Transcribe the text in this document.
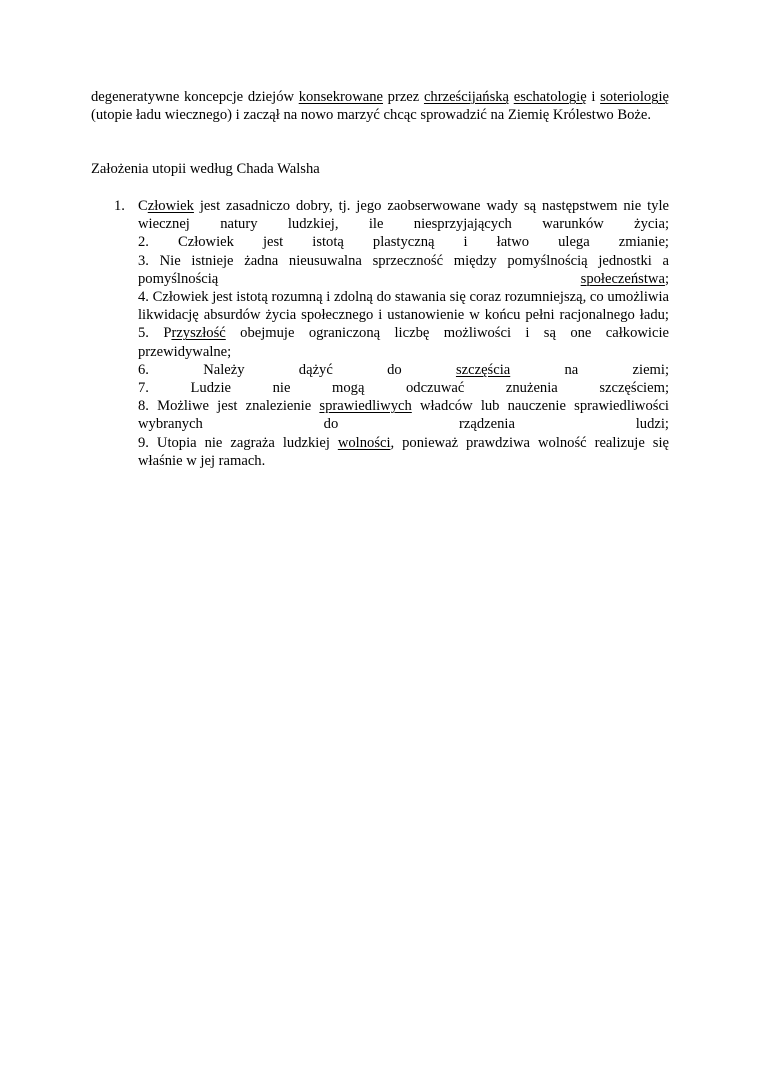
degeneratywne koncepcje dziejów konsekrowane przez chrześcijańską eschatologię i soteriologię (utopie ładu wiecznego) i zaczął na nowo marzyć chcąc sprowadzić na Ziemię Królestwo Boże.

Założenia utopii według Chada Walsha

1. Człowiek jest zasadniczo dobry, tj. jego zaobserwowane wady są następstwem nie tyle wiecznej natury ludzkiej, ile niesprzyjających warunków życia;

2. Człowiek jest istotą plastyczną i łatwo ulega zmianie;

3. Nie istnieje żadna nieusuwalna sprzeczność między pomyślnością jednostki a pomyślnością społeczeństwa;

4. Człowiek jest istotą rozumną i zdolną do stawania się coraz rozumniejszą, co umożliwia likwidację absurdów życia społecznego i ustanowienie w końcu pełni racjonalnego ładu;

5. Przyszłość obejmuje ograniczoną liczbę możliwości i są one całkowicie przewidywalne;

6. Należy dążyć do szczęścia na ziemi;

7. Ludzie nie mogą odczuwać znużenia szczęściem;

8. Możliwe jest znalezienie sprawiedliwych władców lub nauczenie sprawiedliwości wybranych do rządzenia ludzi;

9. Utopia nie zagraża ludzkiej wolności, ponieważ prawdziwa wolność realizuje się właśnie w jej ramach.
